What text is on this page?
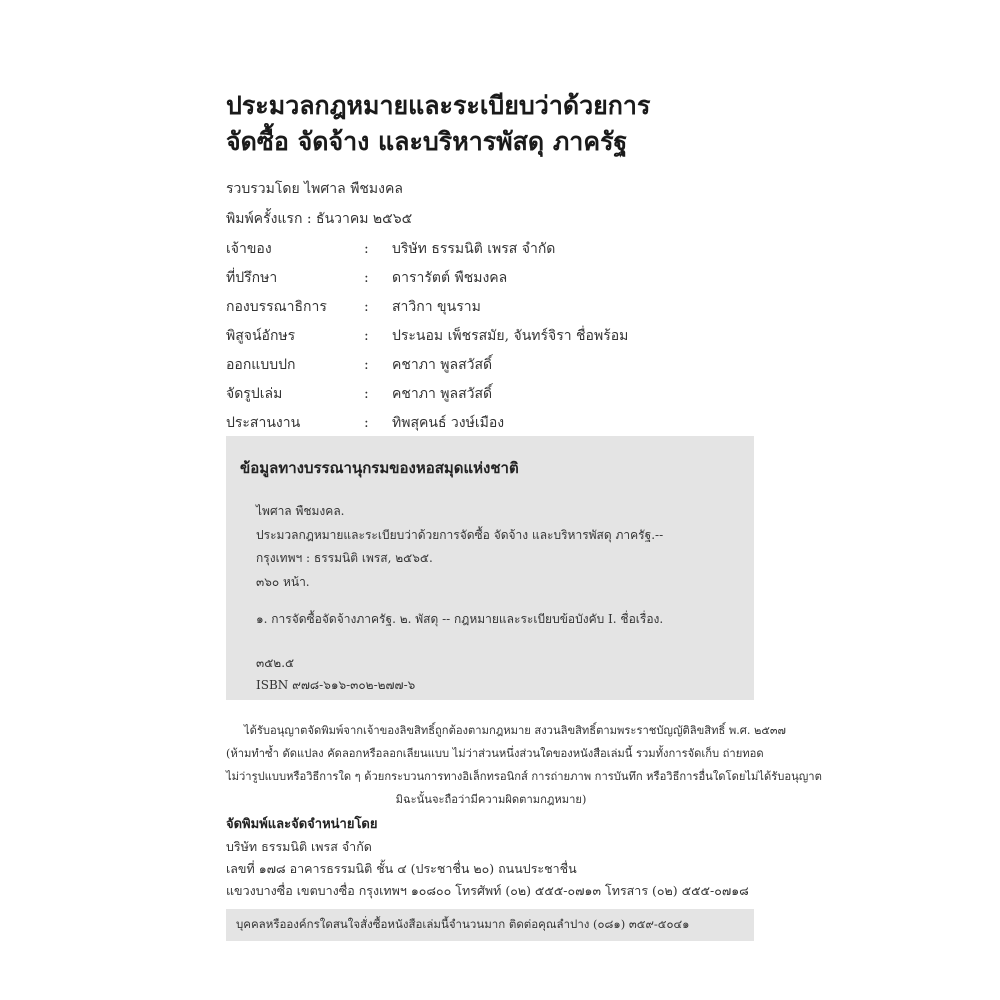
ประมวลกฎหมายและระเบียบว่าด้วยการ
จัดซื้อ จัดจ้าง และบริหารพัสดุ ภาครัฐ
รวบรวมโดย ไพศาล พืชมงคล
พิมพ์ครั้งแรก : ธันวาคม ๒๕๖๕
เจ้าของ	:	บริษัท ธรรมนิติ เพรส จำกัด
ที่ปรึกษา	:	ดารารัตต์ พืชมงคล
กองบรรณาธิการ	:	สาวิกา ขุนราม
พิสูจน์อักษร	:	ประนอม เพ็ชรสมัย, จันทร์จิรา ชื่อพร้อม
ออกแบบปก	:	คชาภา พูลสวัสดิ์
จัดรูปเล่ม	:	คชาภา พูลสวัสดิ์
ประสานงาน	:	ทิพสุคนธ์ วงษ์เมือง
ข้อมูลทางบรรณานุกรมของหอสมุดแห่งชาติ
ไพศาล พืชมงคล.
ประมวลกฎหมายและระเบียบว่าด้วยการจัดซื้อ จัดจ้าง และบริหารพัสดุ ภาครัฐ.--
กรุงเทพฯ : ธรรมนิติ เพรส, ๒๕๖๕.
๓๖๐ หน้า.
๑. การจัดซื้อจัดจ้างภาครัฐ. ๒. พัสดุ -- กฎหมายและระเบียบข้อบังคับ I. ชื่อเรื่อง.
๓๕๒.๕
ISBN ๙๗๘-๖๑๖-๓๐๒-๒๗๗-๖
ได้รับอนุญาตจัดพิมพ์จากเจ้าของลิขสิทธิ์ถูกต้องตามกฎหมาย สงวนลิขสิทธิ์ตามพระราชบัญญัติลิขสิทธิ์ พ.ศ. ๒๕๓๗
(ห้ามทำซ้ำ ดัดแปลง คัดลอกหรือลอกเลียนแบบ ไม่ว่าส่วนหนึ่งส่วนใดของหนังสือเล่มนี้ รวมทั้งการจัดเก็บ ถ่ายทอด
ไม่ว่ารูปแบบหรือวิธีการใด ๆ ด้วยกระบวนการทางอิเล็กทรอนิกส์ การถ่ายภาพ การบันทึก หรือวิธีการอื่นใดโดยไม่ได้รับอนุญาต
มิฉะนั้นจะถือว่ามีความผิดตามกฎหมาย)
จัดพิมพ์และจัดจำหน่ายโดย
บริษัท ธรรมนิติ เพรส จำกัด
เลขที่ ๑๗๘ อาคารธรรมนิติ ชั้น ๔ (ประชาชื่น ๒๐) ถนนประชาชื่น
แขวงบางซื่อ เขตบางซื่อ กรุงเทพฯ ๑๐๘๐๐ โทรศัพท์ (๐๒) ๕๕๕-๐๗๑๓ โทรสาร (๐๒) ๕๕๕-๐๗๑๘
บุคคลหรือองค์กรใดสนใจสั่งซื้อหนังสือเล่มนี้จำนวนมาก ติดต่อคุณลำปาง (๐๘๑) ๓๕๙-๕๐๔๑
